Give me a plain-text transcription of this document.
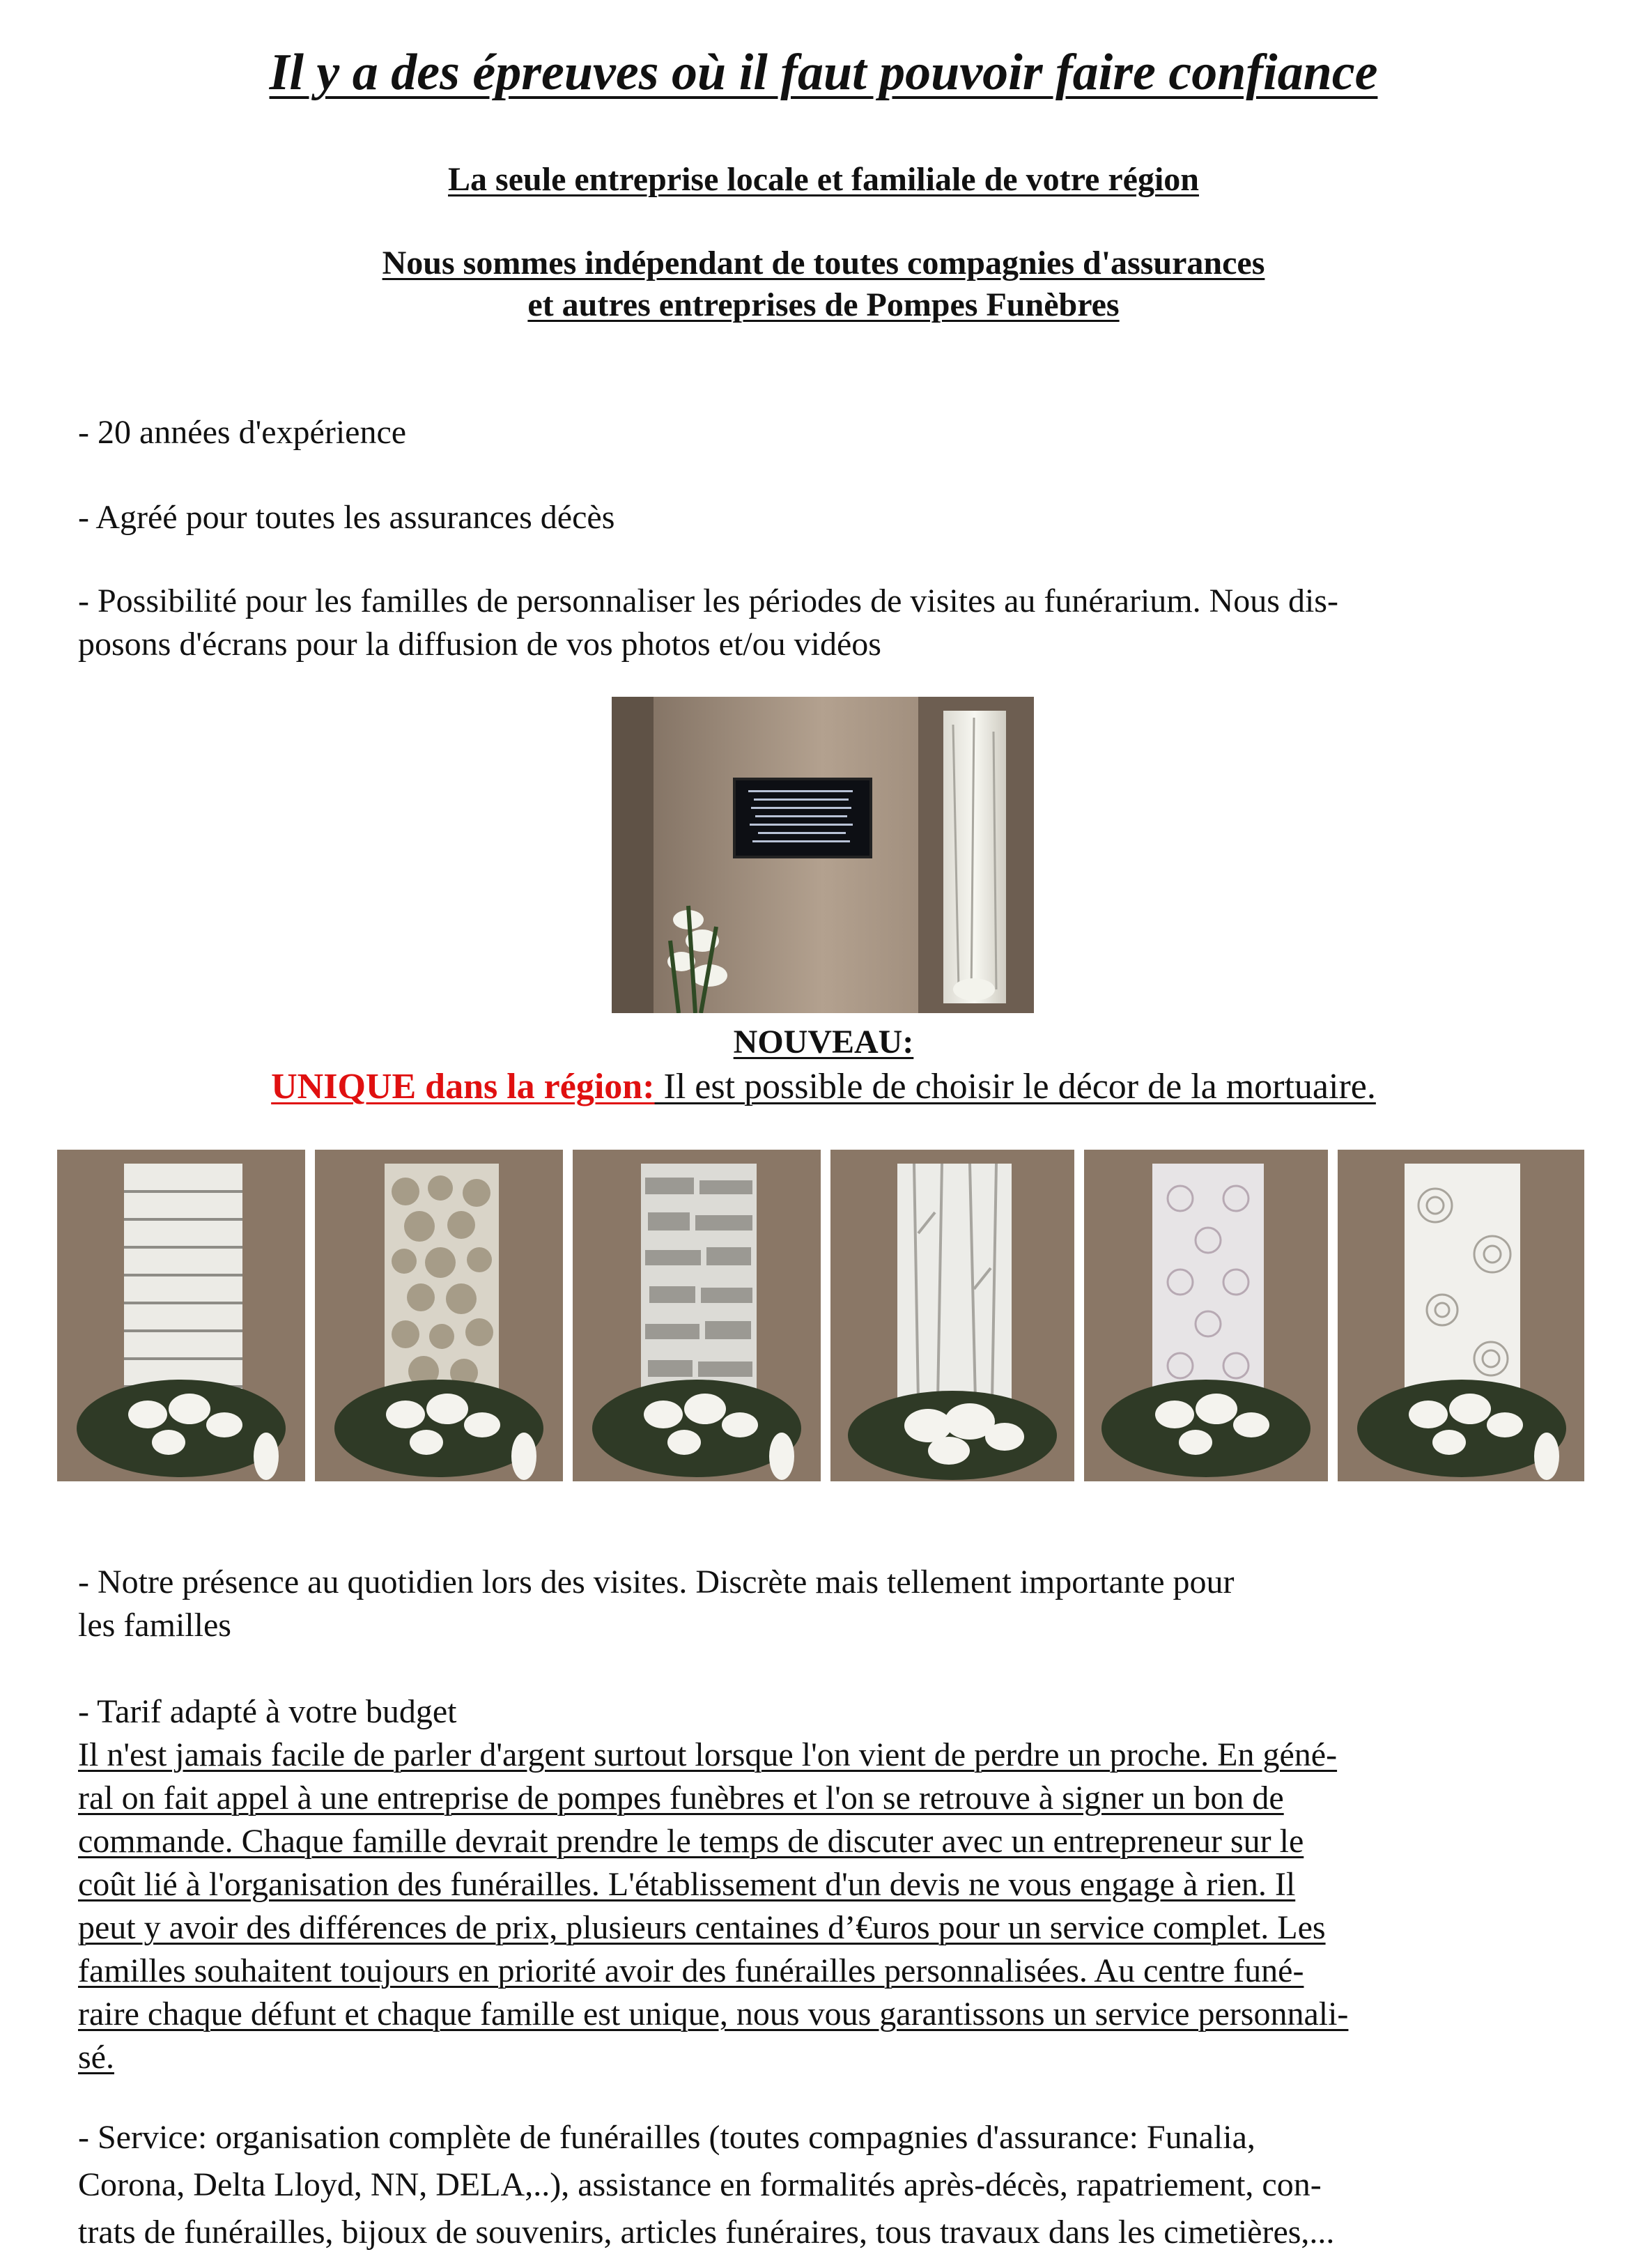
Il y a des épreuves où il faut pouvoir faire confiance
La seule entreprise locale et familiale de votre région
Nous sommes indépendant de toutes compagnies d'assurances
et autres entreprises de Pompes Funèbres
- 20 années d'expérience
- Agréé pour toutes les assurances décès
- Possibilité pour les familles de personnaliser les périodes de visites au funérarium. Nous dis-
posons d'écrans pour la diffusion de vos photos et/ou vidéos
NOUVEAU:
UNIQUE dans la région: Il est possible de choisir le décor de la mortuaire.
- Notre présence au quotidien lors des visites. Discrète mais tellement importante pour
les familles
- Tarif adapté à votre budget
Il n'est jamais facile de parler d'argent surtout lorsque l'on vient de perdre un proche. En géné-
ral on fait appel à une entreprise de pompes funèbres et l'on se retrouve à signer un bon de
commande. Chaque famille devrait prendre le temps de discuter avec un entrepreneur sur le
coût lié à l'organisation des funérailles. L'établissement d'un devis ne vous engage à rien. Il
peut y avoir des différences de prix, plusieurs centaines d’€uros pour un service complet. Les
familles souhaitent toujours en priorité avoir des funérailles personnalisées. Au centre funé-
raire chaque défunt et chaque famille est unique, nous vous garantissons un service personnali-
sé.
- Service: organisation complète de funérailles (toutes compagnies d'assurance: Funalia,
Corona, Delta Lloyd, NN, DELA,..), assistance en formalités après-décès, rapatriement, con-
trats de funérailles, bijoux de souvenirs, articles funéraires, tous travaux dans les cimetières,...
